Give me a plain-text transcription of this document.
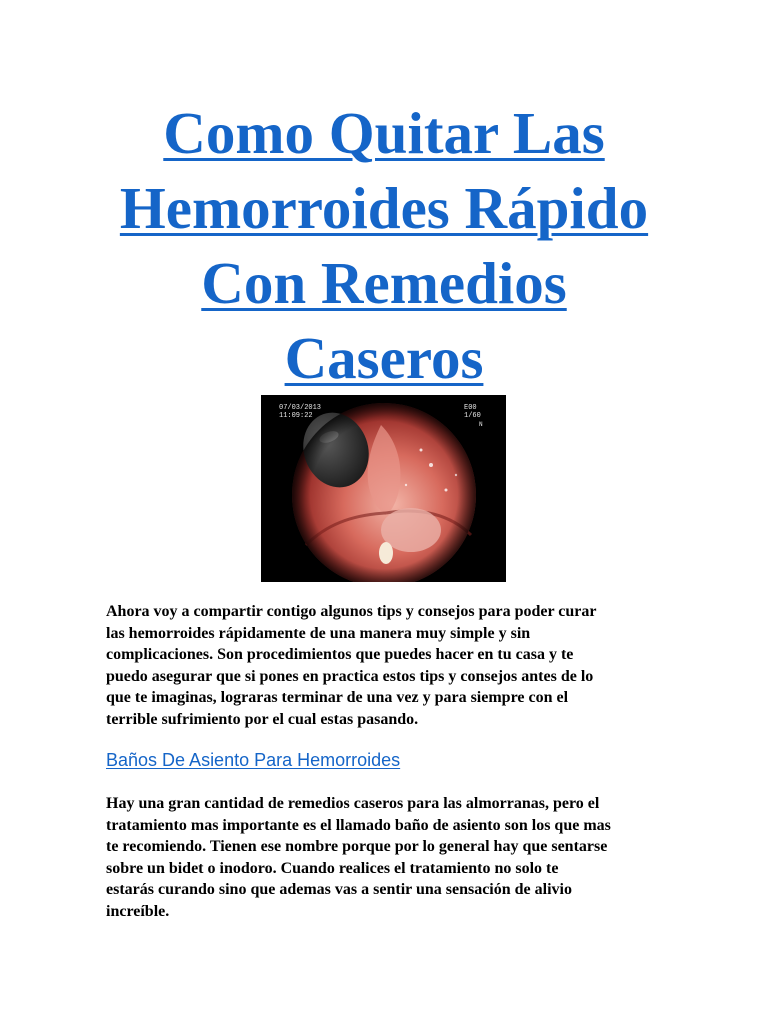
Como Quitar Las
Hemorroides Rápido
Con Remedios
Caseros
07/03/2013
11:09:22
E00
1/60
N

Ahora voy a compartir contigo algunos tips y consejos para poder curar
las hemorroides rápidamente de una manera muy simple y sin
complicaciones. Son procedimientos que puedes hacer en tu casa y te
puedo asegurar que si pones en practica estos tips y consejos antes de lo
que te imaginas, lograras terminar de una vez y para siempre con el
terrible sufrimiento por el cual estas pasando.

Baños De Asiento Para Hemorroides

Hay una gran cantidad de remedios caseros para las almorranas, pero el
tratamiento mas importante es el llamado baño de asiento son los que mas
te recomiendo. Tienen ese nombre porque por lo general hay que sentarse
sobre un bidet o inodoro. Cuando realices el tratamiento no solo te
estarás curando sino que ademas vas a sentir una sensación de alivio
increíble.
